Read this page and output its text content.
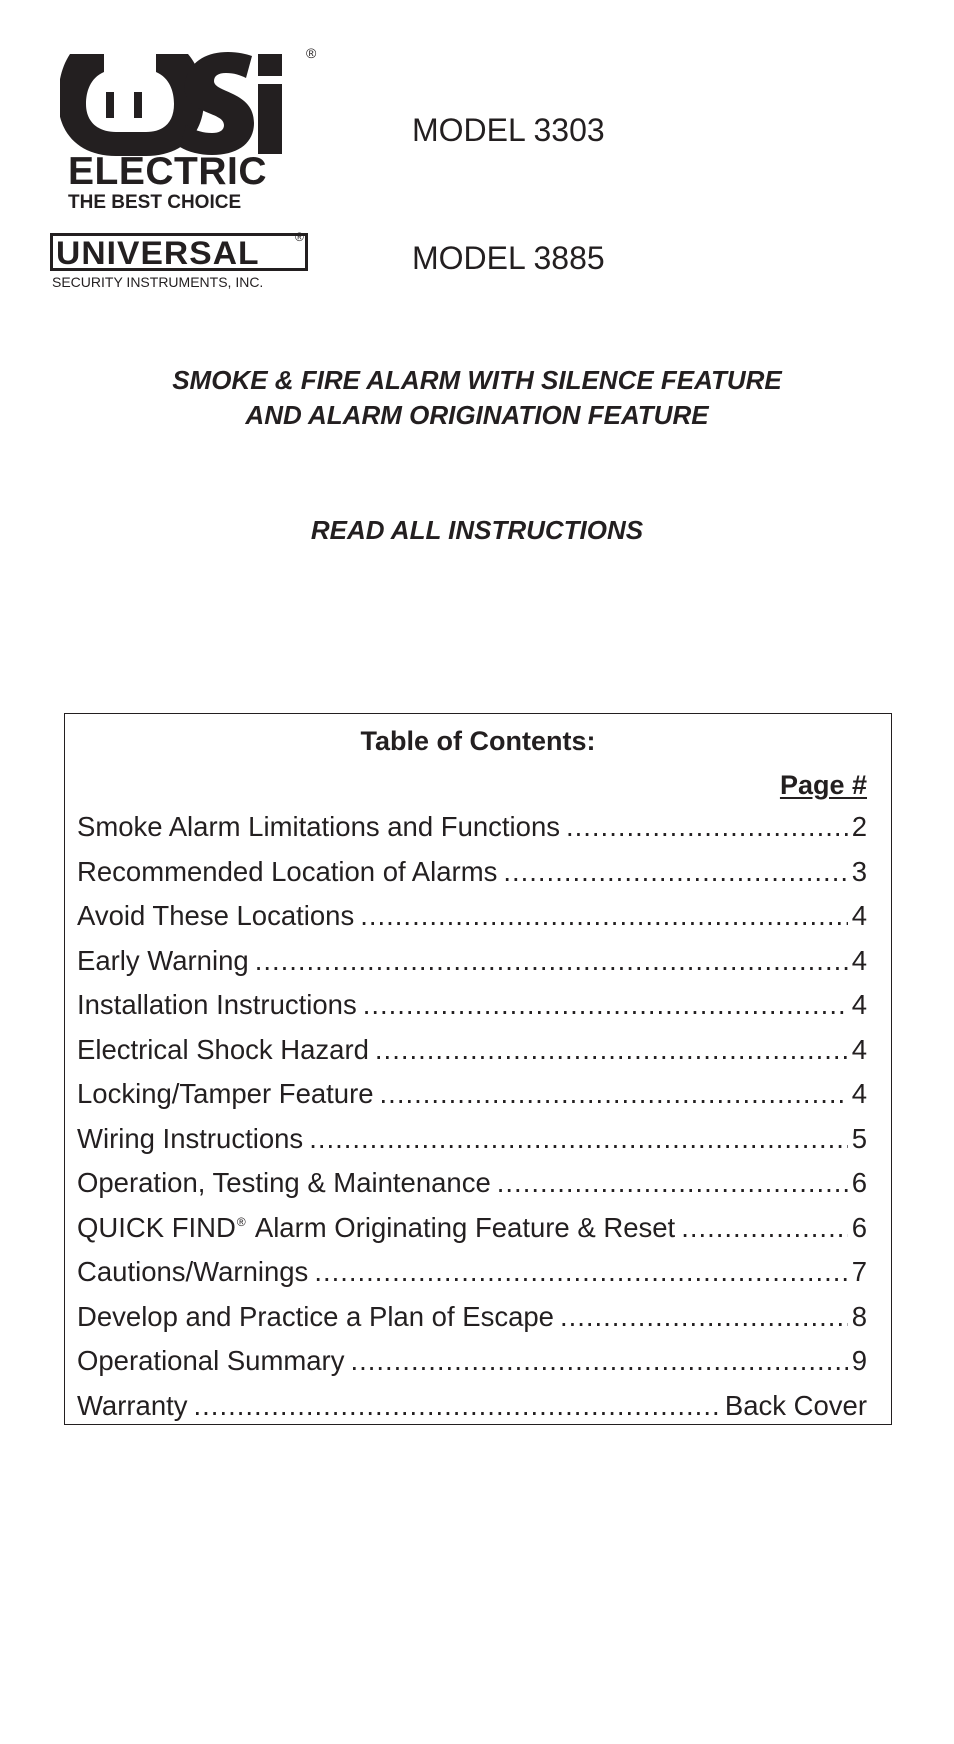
®
ELECTRIC
THE BEST CHOICE
UNIVERSAL	®
SECURITY INSTRUMENTS, INC.
MODEL 3303
MODEL 3885
SMOKE & FIRE ALARM WITH SILENCE FEATURE
AND ALARM ORIGINATION FEATURE
READ ALL INSTRUCTIONS
Table of Contents:
Page #
Smoke Alarm Limitations and Functions .....	2
Recommended Location of Alarms .....	3
Avoid These Locations .....	4
Early Warning .....	4
Installation Instructions .....	4
Electrical Shock Hazard .....	4
Locking/Tamper Feature .....	4
Wiring Instructions .....	5
Operation, Testing & Maintenance .....	6
QUICK FIND® Alarm Originating Feature & Reset .....	6
Cautions/Warnings .....	7
Develop and Practice a Plan of Escape .....	8
Operational Summary .....	9
Warranty .....	Back Cover
